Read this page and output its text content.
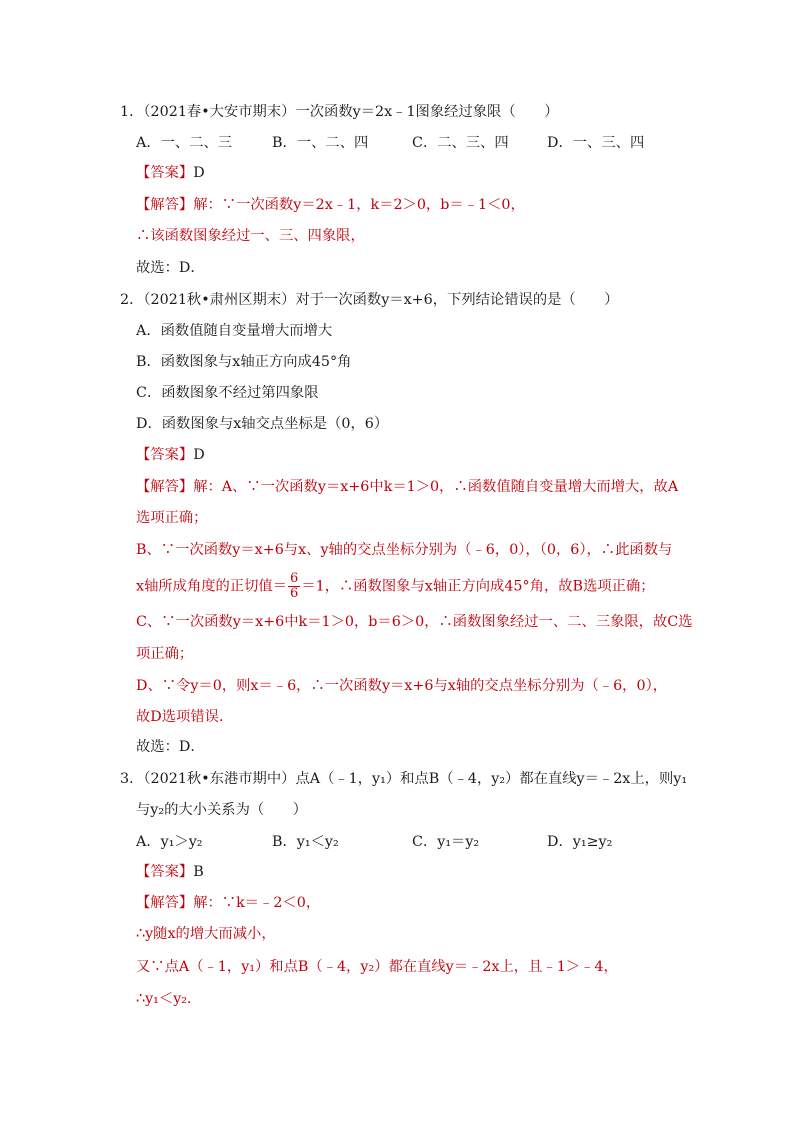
1．（2021春•大安市期末）一次函数y＝2x﹣1图象经过象限（　　）
A．一、二、三	B．一、二、四	C．二、三、四	D．一、三、四
【答案】D
【解答】解：∵一次函数y＝2x﹣1，k＝2＞0，b＝﹣1＜0，
∴该函数图象经过一、三、四象限，
故选：D．
2．（2021秋•肃州区期末）对于一次函数y＝x+6，下列结论错误的是（　　）
A．函数值随自变量增大而增大
B．函数图象与x轴正方向成45°角
C．函数图象不经过第四象限
D．函数图象与x轴交点坐标是（0，6）
【答案】D
【解答】解：A、∵一次函数y＝x+6中k＝1＞0，∴函数值随自变量增大而增大，故A
选项正确；
B、∵一次函数y＝x+6与x、y轴的交点坐标分别为（﹣6，0），（0，6），∴此函数与
x轴所成角度的正切值＝ $\frac{6}{6} =1$，∴函数图象与x轴正方向成45°角，故B选项正确；
C、∵一次函数y＝x+6中k＝1＞0，b＝6＞0，∴函数图象经过一、二、三象限，故C选
项正确；
D、∵令y＝0，则x＝﹣6，∴一次函数y＝x+6与x轴的交点坐标分别为（﹣6，0），
故D选项错误．
故选：D．
3．（2021秋•东港市期中）点A（﹣1，y₁）和点B（﹣4，y₂）都在直线y＝﹣2x上，则y₁
与y₂的大小关系为（　　）
A．y₁＞y₂	B．y₁＜y₂	C．y₁＝y₂	D．y₁≥y₂
【答案】B
【解答】解：∵k＝﹣2＜0，
∴y随x的增大而减小，
又∵点A（﹣1，y₁）和点B（﹣4，y₂）都在直线y＝﹣2x上，且﹣1＞﹣4，
∴y₁＜y₂．
